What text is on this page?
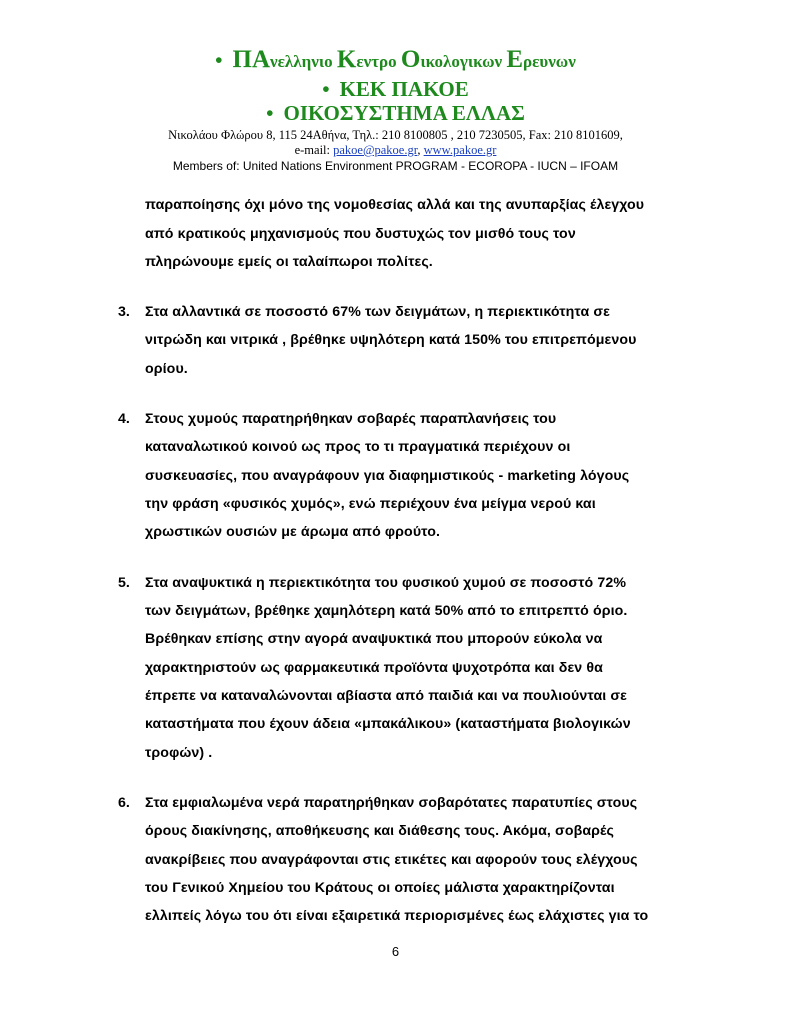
• ΠΑνελληνιο Κεντρο Οικολογικων Ερευνων
• ΚΕΚ ΠΑΚΟΕ
• ΟΙΚΟΣΥΣΤΗΜΑ ΕΛΛΑΣ
Νικολάου Φλώρου 8, 115 24Αθήνα, Τηλ.: 210 8100805 , 210 7230505, Fax: 210 8101609,
e-mail: pakoe@pakoe.gr, www.pakoe.gr
Members of: United Nations Environment PROGRAM - ECOROPA - IUCN – IFOAM
παραποίησης όχι μόνο της νομοθεσίας αλλά και της ανυπαρξίας έλεγχου
από κρατικούς μηχανισμούς που δυστυχώς τον μισθό τους τον
πληρώνουμε εμείς οι ταλαίπωροι πολίτες.
3. Στα αλλαντικά σε ποσοστό 67% των δειγμάτων, η περιεκτικότητα σε
νιτρώδη και νιτρικά , βρέθηκε υψηλότερη κατά 150% του επιτρεπόμενου
ορίου.
4. Στους χυμούς παρατηρήθηκαν σοβαρές παραπλανήσεις του
καταναλωτικού κοινού ως προς το τι πραγματικά περιέχουν οι
συσκευασίες, που αναγράφουν για διαφημιστικούς - marketing λόγους
την φράση «φυσικός χυμός», ενώ περιέχουν ένα μείγμα νερού και
χρωστικών ουσιών με άρωμα από φρούτο.
5. Στα αναψυκτικά η περιεκτικότητα του φυσικού χυμού σε ποσοστό 72%
των δειγμάτων, βρέθηκε χαμηλότερη κατά 50% από το επιτρεπτό όριο.
Βρέθηκαν επίσης στην αγορά αναψυκτικά που μπορούν εύκολα να
χαρακτηριστούν ως φαρμακευτικά προϊόντα ψυχοτρόπα και δεν θα
έπρεπε να καταναλώνονται αβίαστα από παιδιά και να πουλιούνται σε
καταστήματα που έχουν άδεια «μπακάλικου» (καταστήματα βιολογικών
τροφών) .
6. Στα εμφιαλωμένα νερά παρατηρήθηκαν σοβαρότατες παρατυπίες στους
όρους διακίνησης, αποθήκευσης και διάθεσης τους. Ακόμα, σοβαρές
ανακρίβειες που αναγράφονται στις ετικέτες και αφορούν τους ελέγχους
του Γενικού Χημείου του Κράτους οι οποίες μάλιστα χαρακτηρίζονται
ελλιπείς λόγω του ότι είναι εξαιρετικά περιορισμένες έως ελάχιστες για το
6
